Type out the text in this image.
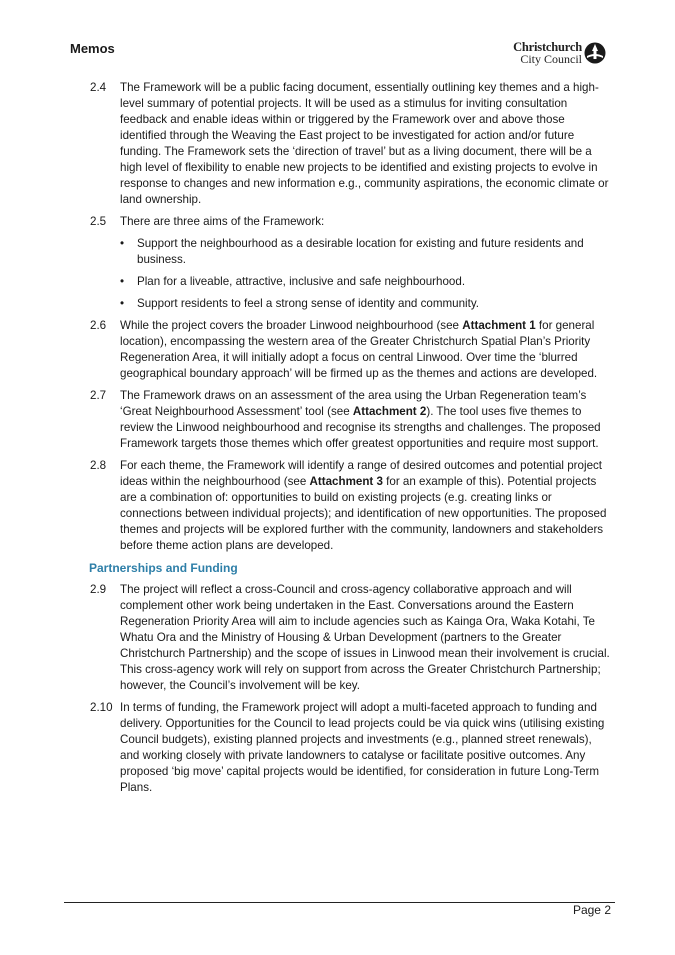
Memos	Christchurch
City Council
2.4 The Framework will be a public facing document, essentially outlining key themes and a high-level summary of potential projects. It will be used as a stimulus for inviting consultation feedback and enable ideas within or triggered by the Framework over and above those identified through the Weaving the East project to be investigated for action and/or future funding. The Framework sets the ‘direction of travel’ but as a living document, there will be a high level of flexibility to enable new projects to be identified and existing projects to evolve in response to changes and new information e.g., community aspirations, the economic climate or land ownership.
2.5 There are three aims of the Framework:
• Support the neighbourhood as a desirable location for existing and future residents and business.
• Plan for a liveable, attractive, inclusive and safe neighbourhood.
• Support residents to feel a strong sense of identity and community.
2.6 While the project covers the broader Linwood neighbourhood (see Attachment 1 for general location), encompassing the western area of the Greater Christchurch Spatial Plan’s Priority Regeneration Area, it will initially adopt a focus on central Linwood. Over time the ‘blurred geographical boundary approach’ will be firmed up as the themes and actions are developed.
2.7 The Framework draws on an assessment of the area using the Urban Regeneration team’s ‘Great Neighbourhood Assessment’ tool (see Attachment 2). The tool uses five themes to review the Linwood neighbourhood and recognise its strengths and challenges. The proposed Framework targets those themes which offer greatest opportunities and require most support.
2.8 For each theme, the Framework will identify a range of desired outcomes and potential project ideas within the neighbourhood (see Attachment 3 for an example of this). Potential projects are a combination of: opportunities to build on existing projects (e.g. creating links or connections between individual projects); and identification of new opportunities. The proposed themes and projects will be explored further with the community, landowners and stakeholders before theme action plans are developed.
Partnerships and Funding
2.9 The project will reflect a cross-Council and cross-agency collaborative approach and will complement other work being undertaken in the East. Conversations around the Eastern Regeneration Priority Area will aim to include agencies such as Kainga Ora, Waka Kotahi, Te Whatu Ora and the Ministry of Housing & Urban Development (partners to the Greater Christchurch Partnership) and the scope of issues in Linwood mean their involvement is crucial. This cross-agency work will rely on support from across the Greater Christchurch Partnership; however, the Council’s involvement will be key.
2.10 In terms of funding, the Framework project will adopt a multi-faceted approach to funding and delivery. Opportunities for the Council to lead projects could be via quick wins (utilising existing Council budgets), existing planned projects and investments (e.g., planned street renewals), and working closely with private landowners to catalyse or facilitate positive outcomes. Any proposed ‘big move’ capital projects would be identified, for consideration in future Long-Term Plans.
Page 2
